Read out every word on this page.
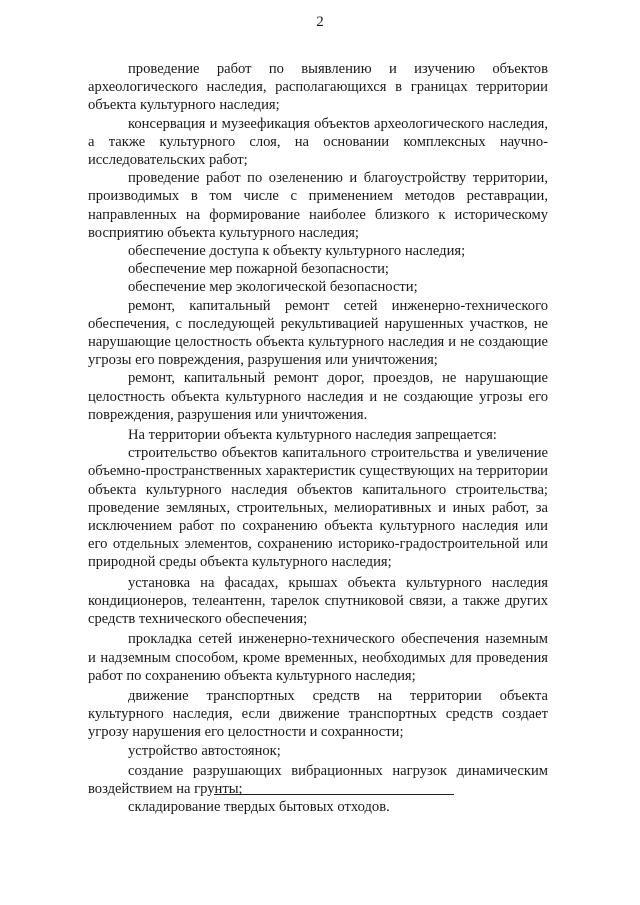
2

проведение работ по выявлению и изучению объектов археологического наследия, располагающихся в границах территории объекта культурного наследия;

консервация и музеефикация объектов археологического наследия, а также культурного слоя, на основании комплексных научно-исследовательских работ;

проведение работ по озеленению и благоустройству территории, производимых в том числе с применением методов реставрации, направленных на формирование наиболее близкого к историческому восприятию объекта культурного наследия;

обеспечение доступа к объекту культурного наследия;

обеспечение мер пожарной безопасности;

обеспечение мер экологической безопасности;

ремонт, капитальный ремонт сетей инженерно-технического обеспечения, с последующей рекультивацией нарушенных участков, не нарушающие целостность объекта культурного наследия и не создающие угрозы его повреждения, разрушения или уничтожения;

ремонт, капитальный ремонт дорог, проездов, не нарушающие целостность объекта культурного наследия и не создающие угрозы его повреждения, разрушения или уничтожения.

На территории объекта культурного наследия запрещается:

строительство объектов капитального строительства и увеличение объемно-пространственных характеристик существующих на территории объекта культурного наследия объектов капитального строительства; проведение земляных, строительных, мелиоративных и иных работ, за исключением работ по сохранению объекта культурного наследия или его отдельных элементов, сохранению историко-градостроительной или природной среды объекта культурного наследия;

установка на фасадах, крышах объекта культурного наследия кондиционеров, телеантенн, тарелок спутниковой связи, а также других средств технического обеспечения;

прокладка сетей инженерно-технического обеспечения наземным и надземным способом, кроме временных, необходимых для проведения работ по сохранению объекта культурного наследия;

движение транспортных средств на территории объекта культурного наследия, если движение транспортных средств создает угрозу нарушения его целостности и сохранности;

устройство автостоянок;

создание разрушающих вибрационных нагрузок динамическим воздействием на грунты;

складирование твердых бытовых отходов.
